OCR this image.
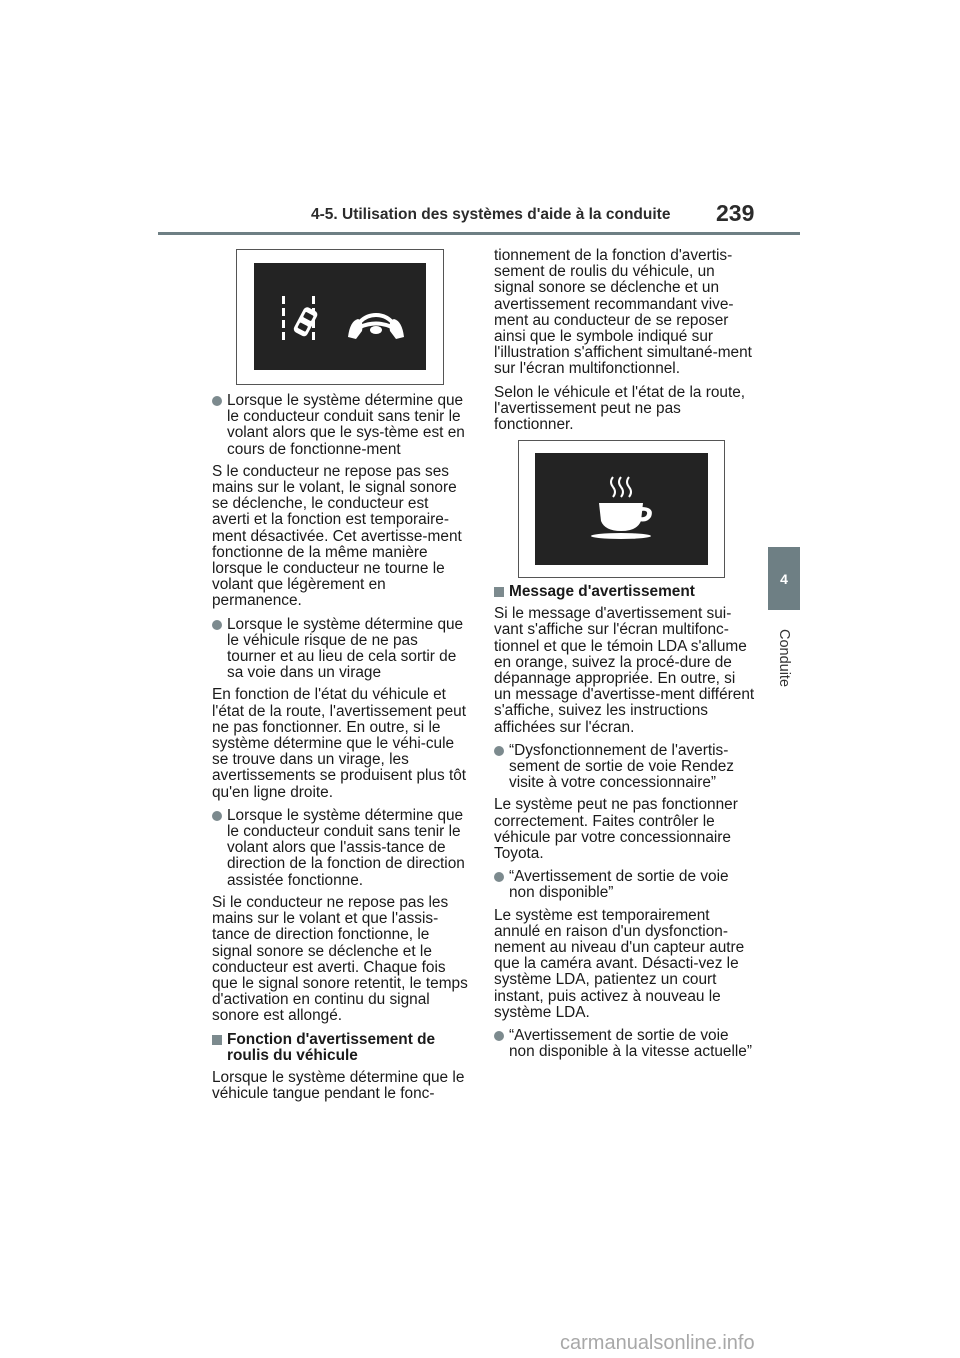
4-5. Utilisation des systèmes d'aide à la conduite 239
4
Conduite
Lorsque le système détermine que le conducteur conduit sans tenir le volant alors que le sys-tème est en cours de fonctionne-ment

S le conducteur ne repose pas ses mains sur le volant, le signal sonore se déclenche, le conducteur est averti et la fonction est temporaire-ment désactivée. Cet avertisse-ment fonctionne de la même manière lorsque le conducteur ne tourne le volant que légèrement en permanence.

Lorsque le système détermine que le véhicule risque de ne pas tourner et au lieu de cela sortir de sa voie dans un virage

En fonction de l'état du véhicule et l'état de la route, l'avertissement peut ne pas fonctionner. En outre, si le système détermine que le véhi-cule se trouve dans un virage, les avertissements se produisent plus tôt qu'en ligne droite.

Lorsque le système détermine que le conducteur conduit sans tenir le volant alors que l'assis-tance de direction de la fonction de direction assistée fonctionne.

Si le conducteur ne repose pas les mains sur le volant et que l'assis-tance de direction fonctionne, le signal sonore se déclenche et le conducteur est averti. Chaque fois que le signal sonore retentit, le temps d'activation en continu du signal sonore est allongé.

Fonction d'avertissement de roulis du véhicule

Lorsque le système détermine que le véhicule tangue pendant le fonc-

tionnement de la fonction d'avertis-sement de roulis du véhicule, un signal sonore se déclenche et un avertissement recommandant vive-ment au conducteur de se reposer ainsi que le symbole indiqué sur l'illustration s'affichent simultané-ment sur l'écran multifonctionnel.

Selon le véhicule et l'état de la route, l'avertissement peut ne pas fonctionner.

Message d'avertissement

Si le message d'avertissement sui-vant s'affiche sur l'écran multifonc-tionnel et que le témoin LDA s'allume en orange, suivez la procé-dure de dépannage appropriée. En outre, si un message d'avertisse-ment différent s'affiche, suivez les instructions affichées sur l'écran.

“Dysfonctionnement de l'avertis-sement de sortie de voie Rendez visite à votre concessionnaire”

Le système peut ne pas fonctionner correctement. Faites contrôler le véhicule par votre concessionnaire Toyota.

“Avertissement de sortie de voie non disponible”

Le système est temporairement annulé en raison d'un dysfonction-nement au niveau d'un capteur autre que la caméra avant. Désacti-vez le système LDA, patientez un court instant, puis activez à nouveau le système LDA.

“Avertissement de sortie de voie non disponible à la vitesse actuelle”
carmanualsonline.info
